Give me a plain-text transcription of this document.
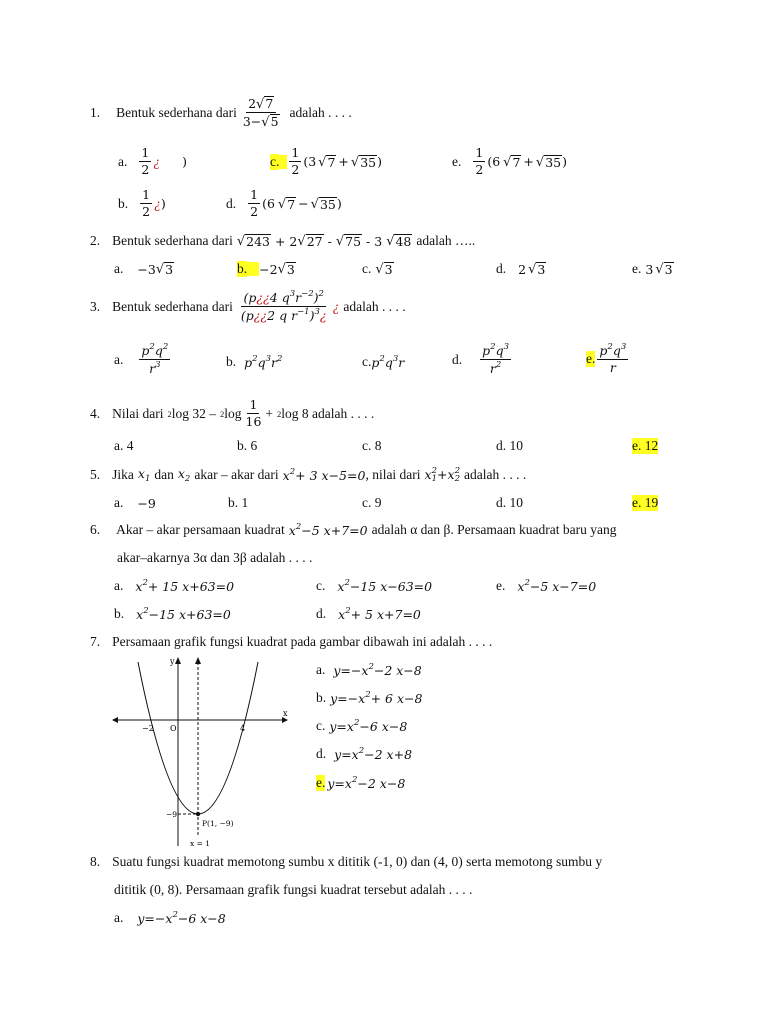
1. Bentuk sederhana dari $\frac{2 √ 7}{3- √ 5}$ adalah . . . .
a. $\frac{1}{2}$ ¿ )	c. $\frac{1}{2}$ ( 3 √ 7 + √ 35 )	e. $\frac{1}{2}$ ( 6 √ 7 + √ 35 )
b. $\frac{1}{2}$ ¿ )	d. $\frac{1}{2}$ ( 6 √ 7 − √ 35 )
2. Bentuk sederhana dari √ 243 + 2 √ 27 - √ 75 - 3 √ 48 adalah …..
a. −3 √ 3	b. −2 √ 3	c. √ 3	d. 2 √ 3	e. 3 √ 3
3. Bentuk sederhana dari $\frac{(p¿¿4 q^3r^{-2})^2}{(p¿¿2 q r^{-1})^3¿}$ ¿ adalah . . . .
a. $\frac{p^2q^2}{r^3}$	b. $p^2q^3r^2$	c. $p^2q^3r$	d. $\frac{p^2q^3}{r^2}$	e. $\frac{p^2q^3}{r}$
4. Nilai dari 2 log 32 – 2 $\log \frac{1}{16} + 2$ log 8 adalah . . . .
a. 4	b. 6	c. 8	d. 10	e. 12
5. Jika $x_1$ dan $x_2$ akar – akar dari $x^2+ 3$ x−5=0 , nilai dari x 2
1 +x 2
2 adalah . . . .
a. −9	b. 1	c. 9	d. 10	e. 19
6. Akar – akar persamaan kuadrat $x^2-5$ x+7=0 adalah α dan β. Persamaan kuadrat baru yang
akar–akarnya 3α dan 3β adalah . . . .
a. $x^2+ 15$ x+63=0	c. $x^2-15$ x−63=0	e. $x^2-5$ x−7=0
b. $x^2-15$ x+63=0	d. $x^2+ 5$ x+7=0
7. Persamaan grafik fungsi kuadrat pada gambar dibawah ini adalah . . . .
y
x
O
−2	4
−9
P(1, −9)
x = 1
a. $y=-x^2-2$ x−8
b. $y=-x^2+ 6$ x−8
c. $y=x^2-6$ x−8
d. $y=x^2-2$ x+8
e. $y=x^2-2$ x−8
8. Suatu fungsi kuadrat memotong sumbu x dititik (-1, 0) dan (4, 0) serta memotong sumbu y
dititik (0, 8). Persamaan grafik fungsi kuadrat tersebut adalah . . . .
a. $y=-x^2-6$ x−8
